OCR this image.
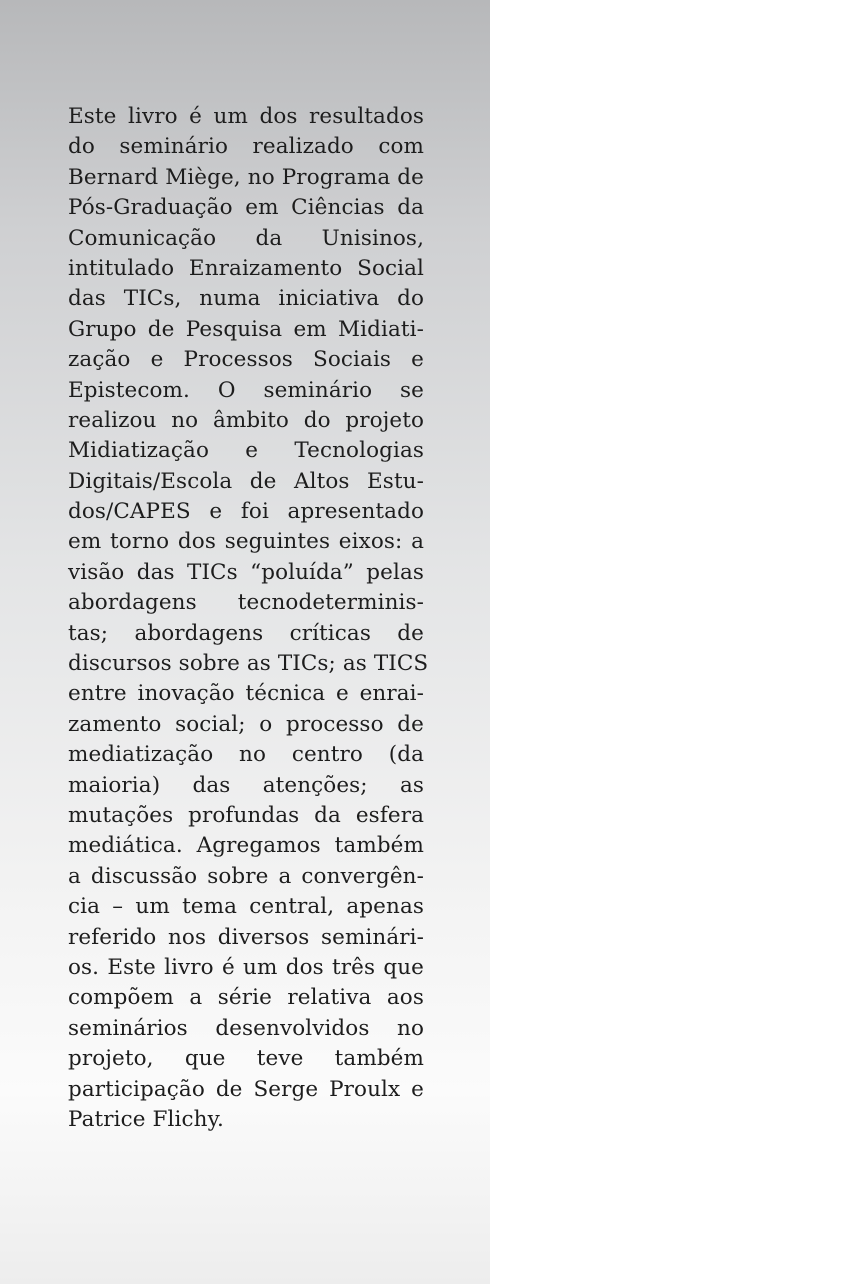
Este livro é um dos resultados
do seminário realizado com
Bernard Miège, no Programa de
Pós-Graduação em Ciências da
Comunicação da Unisinos,
intitulado Enraizamento Social
das TICs, numa iniciativa do
Grupo de Pesquisa em Midiati-
zação e Processos Sociais e
Epistecom. O seminário se
realizou no âmbito do projeto
Midiatização e Tecnologias
Digitais/Escola de Altos Estu-
dos/CAPES e foi apresentado
em torno dos seguintes eixos: a
visão das TICs “poluída” pelas
abordagens tecnodeterminis-
tas; abordagens críticas de
discursos sobre as TICs; as TICS
entre inovação técnica e enrai-
zamento social; o processo de
mediatização no centro (da
maioria) das atenções; as
mutações profundas da esfera
mediática. Agregamos também
a discussão sobre a convergên-
cia – um tema central, apenas
referido nos diversos seminári-
os. Este livro é um dos três que
compõem a série relativa aos
seminários desenvolvidos no
projeto, que teve também
participação de Serge Proulx e
Patrice Flichy.
